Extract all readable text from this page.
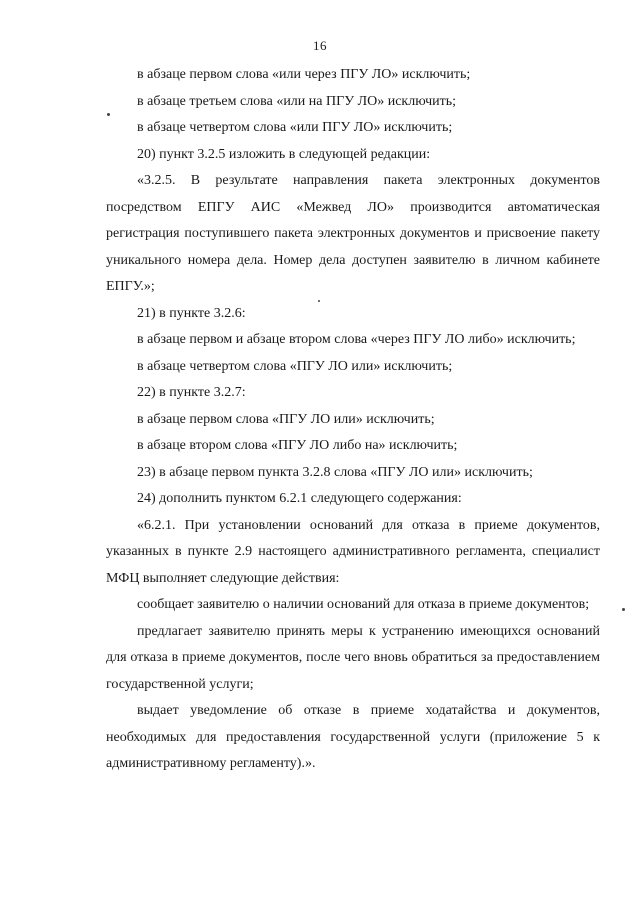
16

в абзаце первом слова «или через ПГУ ЛО» исключить;

в абзаце третьем слова «или на ПГУ ЛО» исключить;

в абзаце четвертом слова «или ПГУ ЛО» исключить;

20) пункт 3.2.5 изложить в следующей редакции:

«3.2.5. В результате направления пакета электронных документов посредством ЕПГУ АИС «Межвед ЛО» производится автоматическая регистрация поступившего пакета электронных документов и присвоение пакету уникального номера дела. Номер дела доступен заявителю в личном кабинете ЕПГУ.»;

21) в пункте 3.2.6:

в абзаце первом и абзаце втором слова «через ПГУ ЛО либо» исключить;

в абзаце четвертом слова «ПГУ ЛО или» исключить;

22) в пункте 3.2.7:

в абзаце первом слова «ПГУ ЛО или» исключить;

в абзаце втором слова «ПГУ ЛО либо на» исключить;

23) в абзаце первом пункта 3.2.8 слова «ПГУ ЛО или» исключить;

24) дополнить пунктом 6.2.1 следующего содержания:

«6.2.1. При установлении оснований для отказа в приеме документов, указанных в пункте 2.9 настоящего административного регламента, специалист МФЦ выполняет следующие действия:

сообщает заявителю о наличии оснований для отказа в приеме документов;

предлагает заявителю принять меры к устранению имеющихся оснований для отказа в приеме документов, после чего вновь обратиться за предоставлением государственной услуги;

выдает уведомление об отказе в приеме ходатайства и документов, необходимых для предоставления государственной услуги (приложение 5 к административному регламенту).».
